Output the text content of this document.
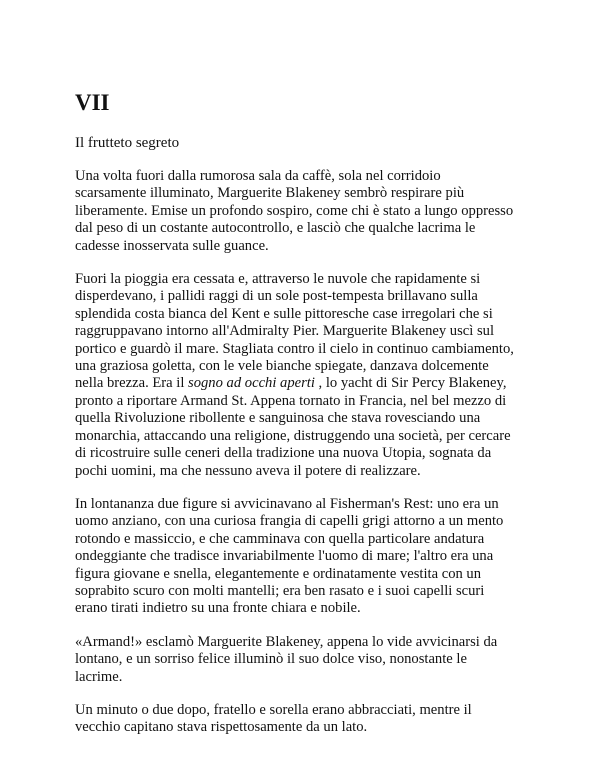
VII

Il frutteto segreto

Una volta fuori dalla rumorosa sala da caffè, sola nel corridoio scarsamente illuminato, Marguerite Blakeney sembrò respirare più liberamente. Emise un profondo sospiro, come chi è stato a lungo oppresso dal peso di un costante autocontrollo, e lasciò che qualche lacrima le cadesse inosservata sulle guance.

Fuori la pioggia era cessata e, attraverso le nuvole che rapidamente si disperdevano, i pallidi raggi di un sole post-tempesta brillavano sulla splendida costa bianca del Kent e sulle pittoresche case irregolari che si raggruppavano intorno all'Admiralty Pier. Marguerite Blakeney uscì sul portico e guardò il mare. Stagliata contro il cielo in continuo cambiamento, una graziosa goletta, con le vele bianche spiegate, danzava dolcemente nella brezza. Era il sogno ad occhi aperti , lo yacht di Sir Percy Blakeney, pronto a riportare Armand St. Appena tornato in Francia, nel bel mezzo di quella Rivoluzione ribollente e sanguinosa che stava rovesciando una monarchia, attaccando una religione, distruggendo una società, per cercare di ricostruire sulle ceneri della tradizione una nuova Utopia, sognata da pochi uomini, ma che nessuno aveva il potere di realizzare.

In lontananza due figure si avvicinavano al Fisherman's Rest: uno era un uomo anziano, con una curiosa frangia di capelli grigi attorno a un mento rotondo e massiccio, e che camminava con quella particolare andatura ondeggiante che tradisce invariabilmente l'uomo di mare; l'altro era una figura giovane e snella, elegantemente e ordinatamente vestita con un soprabito scuro con molti mantelli; era ben rasato e i suoi capelli scuri erano tirati indietro su una fronte chiara e nobile.

«Armand!» esclamò Marguerite Blakeney, appena lo vide avvicinarsi da lontano, e un sorriso felice illuminò il suo dolce viso, nonostante le lacrime.

Un minuto o due dopo, fratello e sorella erano abbracciati, mentre il vecchio capitano stava rispettosamente da un lato.
